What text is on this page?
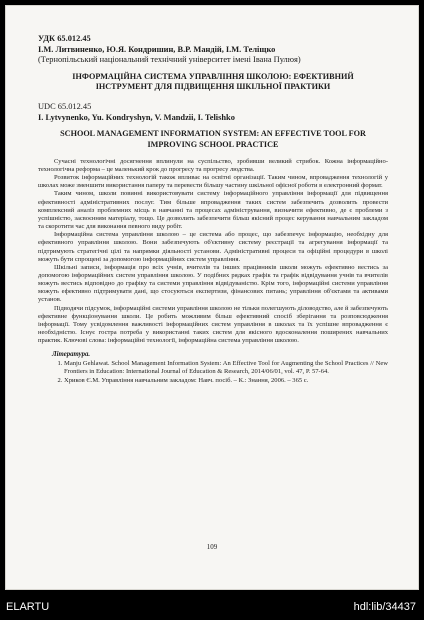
УДК 65.012.45
І.М. Литвиненко, Ю.Я. Кондришин, В.Р. Мандій, І.М. Теліщко
(Тернопільський національний технічний університет імені Івана Пулюя)
ІНФОРМАЦІЙНА СИСТЕМА УПРАВЛІННЯ ШКОЛОЮ: ЕФЕКТИВНИЙ ІНСТРУМЕНТ ДЛЯ ПІДВИЩЕННЯ ШКІЛЬНОЇ ПРАКТИКИ
UDC 65.012.45
I. Lytvynenko, Yu. Kondryshyn, V. Mandzii, I. Telishko
SCHOOL MANAGEMENT INFORMATION SYSTEM: AN EFFECTIVE TOOL FOR IMPROVING SCHOOL PRACTICE

Сучасні технологічні досягнення вплинули на суспільство, зробивши великий стрибок. Кожна інформаційно-технологічна реформа – це маленький крок до прогресу та прогресу людства.

Розвиток інформаційних технологій також впливає на освітні організації. Таким чином, впровадження технологій у школах може зменшити використання паперу та перевести більшу частину шкільної офісної роботи в електронний формат.

Таким чином, школи повинні використовувати систему інформаційного управління інформації для підвищення ефективності адміністративних послуг. Тим більше впровадження таких систем забезпечить дозволить провести комплексний аналіз проблемних місць в навчанні та процесах адміністрування, визначити ефективно, де є проблеми з успішністю, засвоєнням матеріалу, тощо. Це дозволить забезпечити більш якісний процес керування навчальним закладом та скоротити час для виконання певного виду робіт.

Інформаційна система управління школою – це система або процес, що забезпечує інформацію, необхідну для ефективного управління школою. Вони забезпечують об'єктивну систему реєстрації та агрегування інформації та підтримують стратегічні цілі та напрямки діяльності установи. Адміністративні процеси та офіційні процедури в школі можуть бути спрощені за допомогою інформаційних систем управління.

Шкільні записи, інформація про всіх учнів, вчителів та інших працівників школи можуть ефективно вестись за допомогою інформаційних систем управління школою. У подібних рядках графік та графік відвідування учнів та вчителів можуть вестись відповідно до графіку та системи управління відвідуваністю. Крім того, інформаційні системи управління можуть ефективно підтримувати дані, що стосуються експертизи, фінансових питань; управління об'єктами та активами установ.

Підводячи підсумок, інформаційні системи управління школою не тільки полегшують діловодство, але й забезпечують ефективне функціонування школи. Це робить можливим більш ефективний спосіб зберігання та розповсюдження інформації. Тому усвідомлення важливості інформаційних систем управління в школах та їх успішне впровадження є необхідністю. Існує гостра потреба у використанні таких систем для якісного вдосконалення поширених навчальних практик. Ключові слова: інформаційні технології, інформаційна система управління школою.

Література.
1. Manju Gehlawat. School Management Information System: An Effective Tool for Augmenting the School Practices // New Frontiers in Education: International Journal of Education & Research, 2014/06/01, vol. 47, P. 57-64.
2. Хриков Є.М. Управління навчальним закладом: Навч. посіб. – К.: Знання, 2006. – 365 с.
109
ELARTU	hdl:lib/34437
